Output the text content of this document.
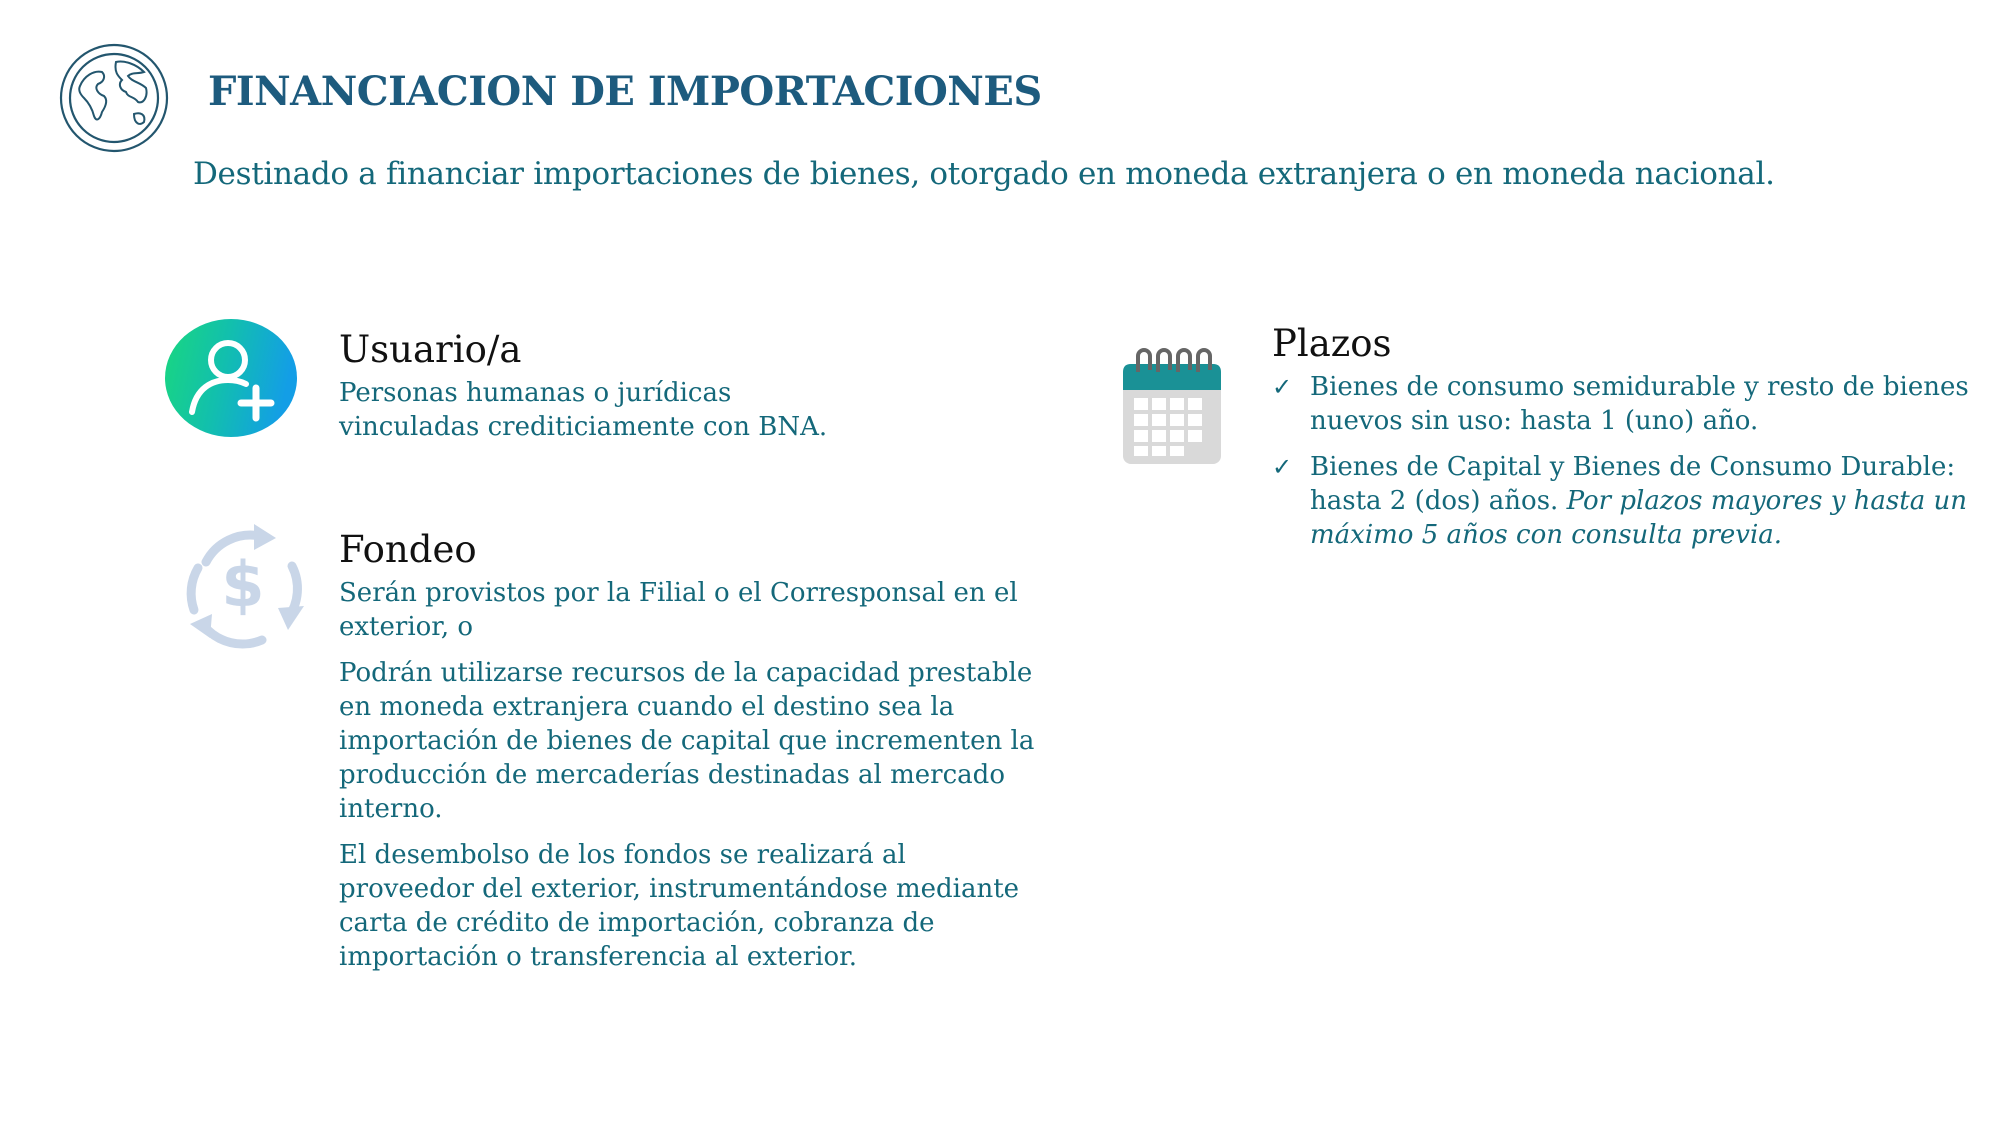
FINANCIACION DE IMPORTACIONES
Destinado a financiar importaciones de bienes, otorgado en moneda extranjera o en moneda nacional.
Usuario/a
Personas humanas o jurídicas
vinculadas crediticiamente con BNA.
$ Fondeo

Serán provistos por la Filial o el Corresponsal en el exterior, o

Podrán utilizarse recursos de la capacidad prestable en moneda extranjera cuando el destino sea la importación de bienes de capital que incrementen la producción de mercaderías destinadas al mercado interno.

El desembolso de los fondos se realizará al proveedor del exterior, instrumentándose mediante carta de crédito de importación, cobranza de importación o transferencia al exterior.

Plazos
✓ Bienes de consumo semidurable y resto de bienes nuevos sin uso: hasta 1 (uno) año.
✓ Bienes de Capital y Bienes de Consumo Durable: hasta 2 (dos) años. Por plazos mayores y hasta un máximo 5 años con consulta previa.
